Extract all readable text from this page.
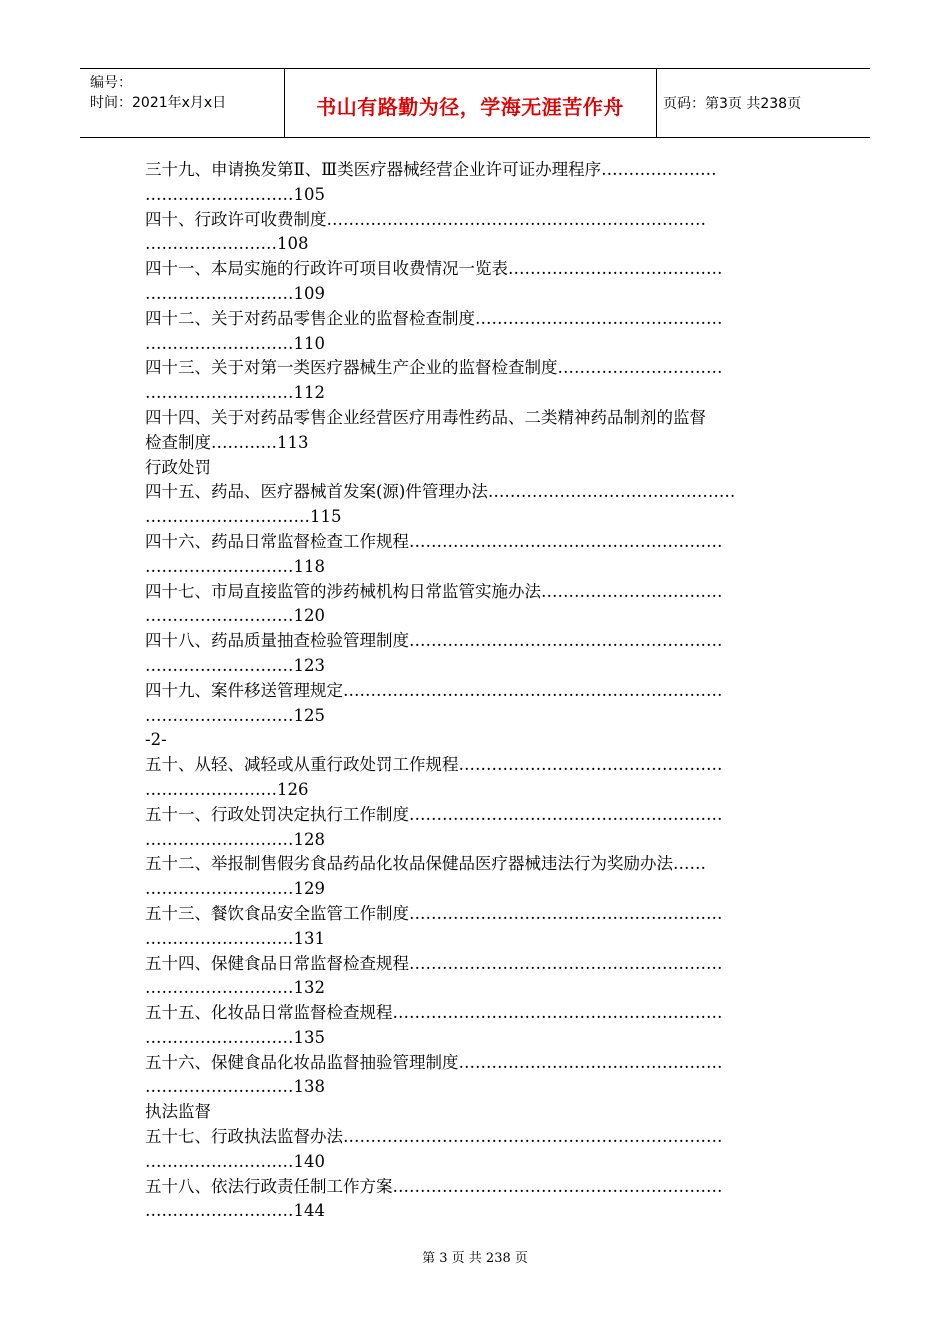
编号：
时间：2021年x月x日	书山有路勤为径，学海无涯苦作舟	页码：第3页 共238页
三十九、申请换发第Ⅱ、Ⅲ类医疗器械经营企业许可证办理程序…………………
………………………105
四十、行政许可收费制度……………………………………………………………
……………………108
四十一、本局实施的行政许可项目收费情况一览表…………………………………
………………………109
四十二、关于对药品零售企业的监督检查制度………………………………………
………………………110
四十三、关于对第一类医疗器械生产企业的监督检查制度…………………………
………………………112
四十四、关于对药品零售企业经营医疗用毒性药品、二类精神药品制剂的监督
检查制度…………113
行政处罚
四十五、药品、医疗器械首发案(源)件管理办法………………………………………
…………………………115
四十六、药品日常监督检查工作规程…………………………………………………
………………………118
四十七、市局直接监管的涉药械机构日常监管实施办法……………………………
………………………120
四十八、药品质量抽查检验管理制度…………………………………………………
………………………123
四十九、案件移送管理规定……………………………………………………………
………………………125
-2-
五十、从轻、减轻或从重行政处罚工作规程…………………………………………
……………………126
五十一、行政处罚决定执行工作制度…………………………………………………
………………………128
五十二、举报制售假劣食品药品化妆品保健品医疗器械违法行为奖励办法……
………………………129
五十三、餐饮食品安全监管工作制度…………………………………………………
………………………131
五十四、保健食品日常监督检查规程…………………………………………………
………………………132
五十五、化妆品日常监督检查规程……………………………………………………
………………………135
五十六、保健食品化妆品监督抽验管理制度…………………………………………
………………………138
执法监督
五十七、行政执法监督办法……………………………………………………………
………………………140
五十八、依法行政责任制工作方案……………………………………………………
………………………144
第 3 页 共 238 页
